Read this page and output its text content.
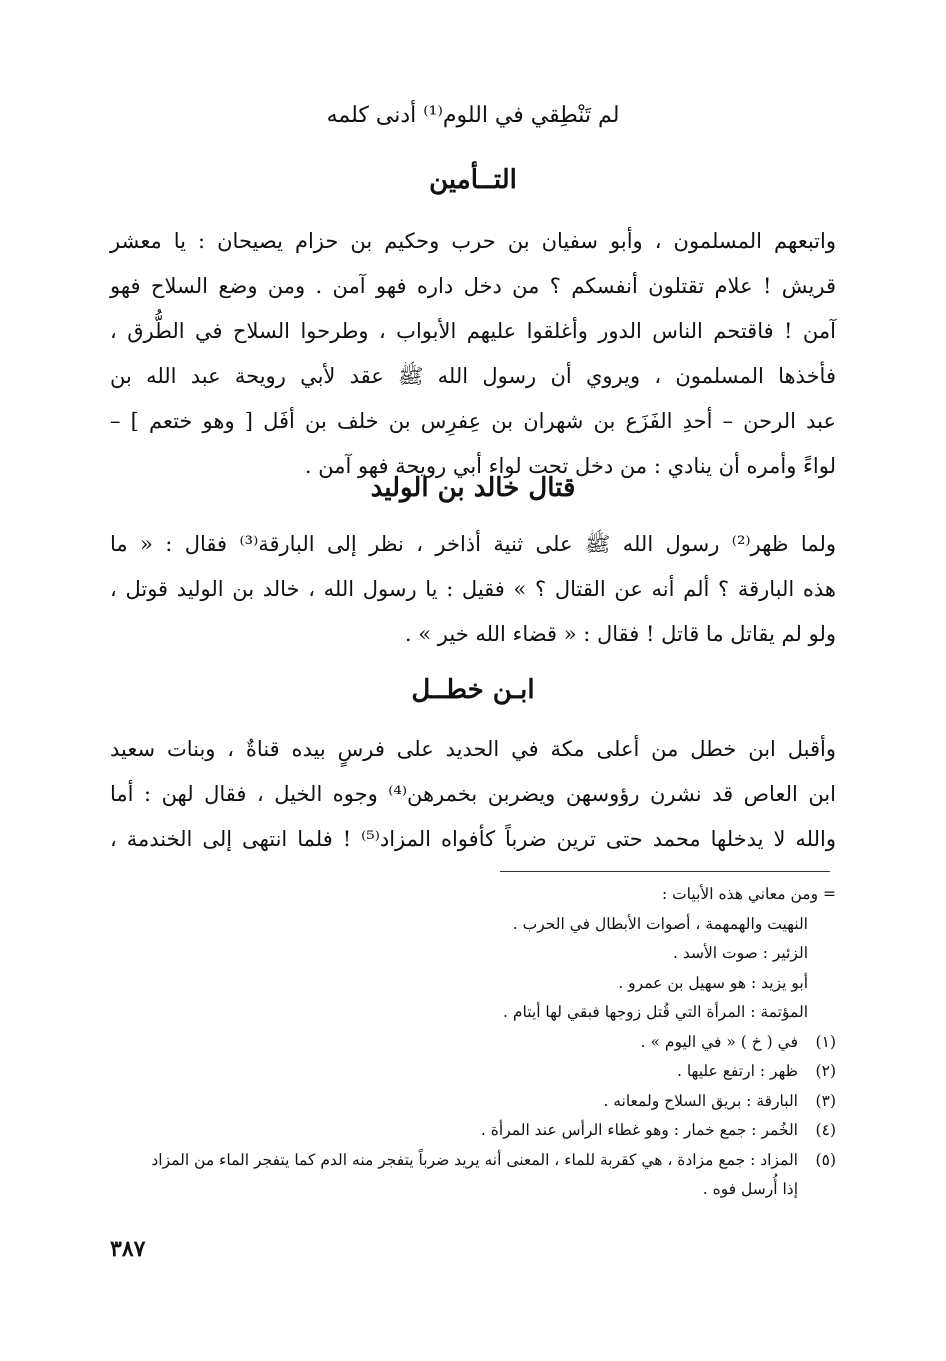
لم تَنْطِقي في اللوم⁽¹⁾ أدنى كلمه
التــأمين
واتبعهم المسلمون ، وأبو سفيان بن حرب وحكيم بن حزام يصيحان : يا معشر
قريش ! علام تقتلون أنفسكم ؟ من دخل داره فهو آمن . ومن وضع السلاح فهو
آمن ! فاقتحم الناس الدور وأغلقوا عليهم الأبواب ، وطرحوا السلاح في الطُّرق ،
فأخذها المسلمون ، ويروي أن رسول الله ﷺ عقد لأبي رويحة عبد الله بن
عبد الرحن – أحدِ الفَزَع بن شهران بن عِفرِس بن خلف بن أفَل [ وهو ختعم ] –
لواءً وأمره أن ينادي : من دخل تحت لواء أبي رويحة فهو آمن .
قتال خالد بن الوليد
ولما ظهر⁽²⁾ رسول الله ﷺ على ثنية أذاخر ، نظر إلى البارقة⁽³⁾ فقال : « ما
هذه البارقة ؟ ألم أنه عن القتال ؟ » فقيل : يا رسول الله ، خالد بن الوليد قوتل ،
ولو لم يقاتل ما قاتل ! فقال : « قضاء الله خير » .
ابـن خطــل
وأقبل ابن خطل من أعلى مكة في الحديد على فرسٍ بيده قناةٌ ، وبنات سعيد
ابن العاص قد نشرن رؤوسهن ويضربن بخمرهن⁽⁴⁾ وجوه الخيل ، فقال لهن : أما
والله لا يدخلها محمد حتى ترين ضرباً كأفواه المزاد⁽⁵⁾ ! فلما انتهى إلى الخندمة ،
= ومن معاني هذه الأبيات :
النهيت والهمهمة ، أصوات الأبطال في الحرب .
الزئير : صوت الأسد .
أبو يزيد : هو سهيل بن عمرو .
المؤتمة : المرأة التي قُتل زوجها فبقي لها أيتام .
(١)
في ( خ ) « في اليوم » .
(٢)
ظهر : ارتفع عليها .
(٣)
البارقة : بريق السلاح ولمعانه .
(٤)
الخُمر : جمع خمار : وهو غطاء الرأس عند المرأة .
(٥)
المزاد : جمع مزادة ، هي كقربة للماء ، المعنى أنه يريد ضرباً يتفجر منه الدم كما يتفجر الماء من المزاد
إذا أُرسل فوه .
٣٨٧
